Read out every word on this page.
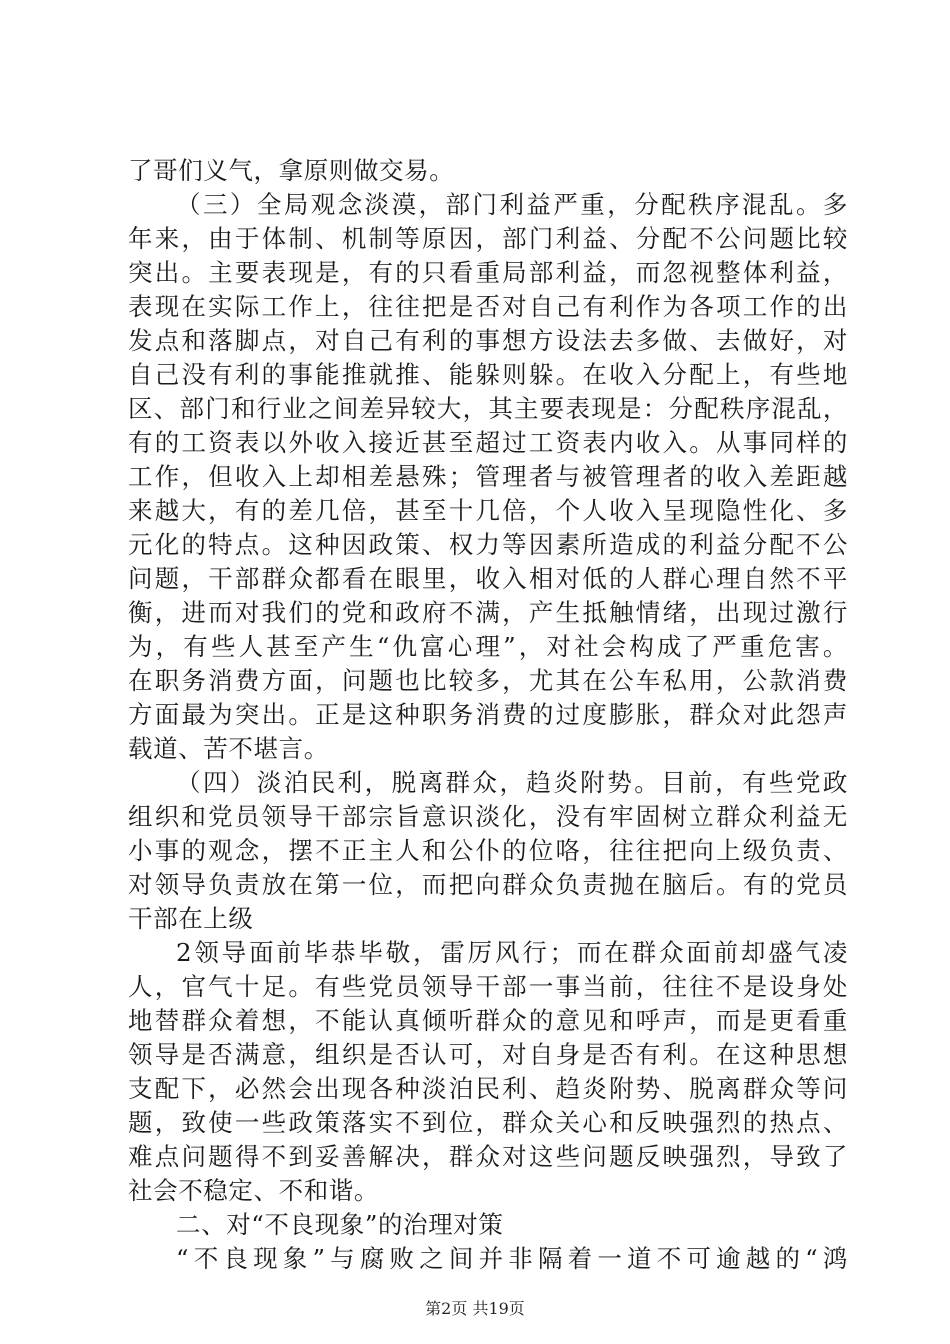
了哥们义气，拿原则做交易。
（三）全局观念淡漠，部门利益严重，分配秩序混乱。多
年来，由于体制、机制等原因，部门利益、分配不公问题比较
突出。主要表现是，有的只看重局部利益，而忽视整体利益，
表现在实际工作上，往往把是否对自己有利作为各项工作的出
发点和落脚点，对自己有利的事想方设法去多做、去做好，对
自己没有利的事能推就推、能躲则躲。在收入分配上，有些地
区、部门和行业之间差异较大，其主要表现是：分配秩序混乱，
有的工资表以外收入接近甚至超过工资表内收入。从事同样的
工作，但收入上却相差悬殊；管理者与被管理者的收入差距越
来越大，有的差几倍，甚至十几倍，个人收入呈现隐性化、多
元化的特点。这种因政策、权力等因素所造成的利益分配不公
问题，干部群众都看在眼里，收入相对低的人群心理自然不平
衡，进而对我们的党和政府不满，产生抵触情绪，出现过激行
为，有些人甚至产生“仇富心理”，对社会构成了严重危害。
在职务消费方面，问题也比较多，尤其在公车私用，公款消费
方面最为突出。正是这种职务消费的过度膨胀，群众对此怨声
载道、苦不堪言。
（四）淡泊民利，脱离群众，趋炎附势。目前，有些党政
组织和党员领导干部宗旨意识淡化，没有牢固树立群众利益无
小事的观念，摆不正主人和公仆的位咯，往往把向上级负责、
对领导负责放在第一位，而把向群众负责抛在脑后。有的党员
干部在上级
2领导面前毕恭毕敬，雷厉风行；而在群众面前却盛气凌
人，官气十足。有些党员领导干部一事当前，往往不是设身处
地替群众着想，不能认真倾听群众的意见和呼声，而是更看重
领导是否满意，组织是否认可，对自身是否有利。在这种思想
支配下，必然会出现各种淡泊民利、趋炎附势、脱离群众等问
题，致使一些政策落实不到位，群众关心和反映强烈的热点、
难点问题得不到妥善解决，群众对这些问题反映强烈，导致了
社会不稳定、不和谐。
二、对“不良现象”的治理对策
“不良现象”与腐败之间并非隔着一道不可逾越的“鸿
第2页 共19页
